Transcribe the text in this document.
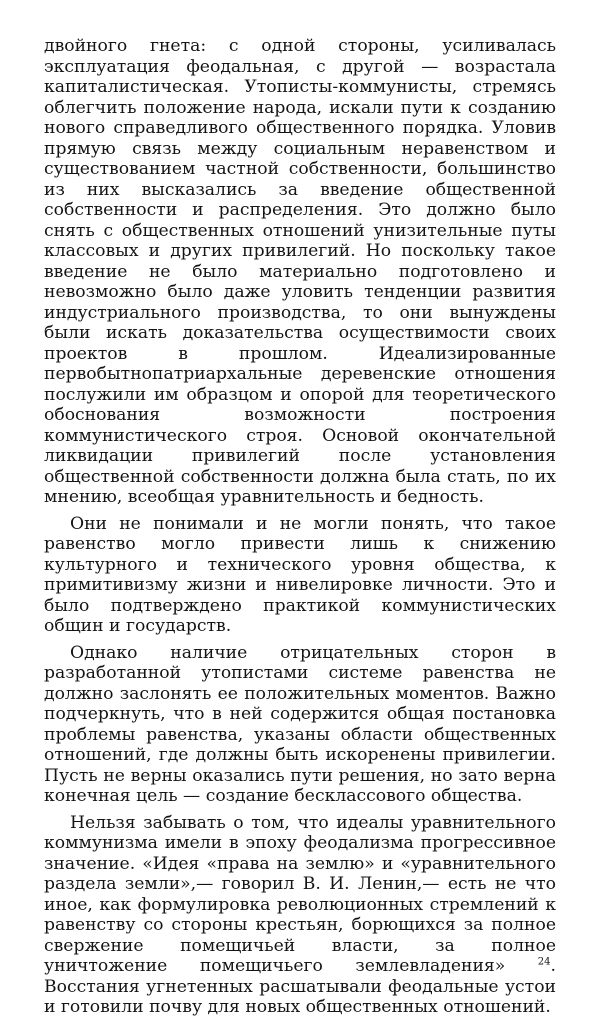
двойного гнета: с одной стороны, усиливалась эксплуатация феодальная, с другой — возрастала капиталистическая. Утописты-коммунисты, стремясь облегчить положение народа, искали пути к созданию нового справедливого общественного порядка. Уловив прямую связь между социальным неравенством и существованием частной собственности, большинство из них высказались за введение общественной собственности и распределения. Это должно было снять с общественных отношений унизительные путы классовых и других привилегий. Но поскольку такое введение не было материально подготовлено и невозможно было даже уловить тенденции развития индустриального производства, то они вынуждены были искать доказательства осуществимости своих проектов в прошлом. Идеализированные первобытнопатриархальные деревенские отношения послужили им образцом и опорой для теоретического обоснования возможности построения коммунистического строя. Основой окончательной ликвидации привилегий после установления общественной собственности должна была стать, по их мнению, всеобщая уравнительность и бедность.

Они не понимали и не могли понять, что такое равенство могло привести лишь к снижению культурного и технического уровня общества, к примитивизму жизни и нивелировке личности. Это и было подтверждено практикой коммунистических общин и государств.

Однако наличие отрицательных сторон в разработанной утопистами системе равенства не должно заслонять ее положительных моментов. Важно подчеркнуть, что в ней содержится общая постановка проблемы равенства, указаны области общественных отношений, где должны быть искоренены привилегии. Пусть не верны оказались пути решения, но зато верна конечная цель — создание бесклассового общества.

Нельзя забывать о том, что идеалы уравнительного коммунизма имели в эпоху феодализма прогрессивное значение. «Идея «права на землю» и «уравнительного раздела земли»,— говорил В. И. Ленин,— есть не что иное, как формулировка революционных стремлений к равенству со стороны крестьян, борющихся за полное свержение помещичьей власти, за полное уничтожение помещичьего землевладения»	$^{24}$. Восстания угнетенных расшатывали феодальные устои и готовили почву для новых общественных отношений.
